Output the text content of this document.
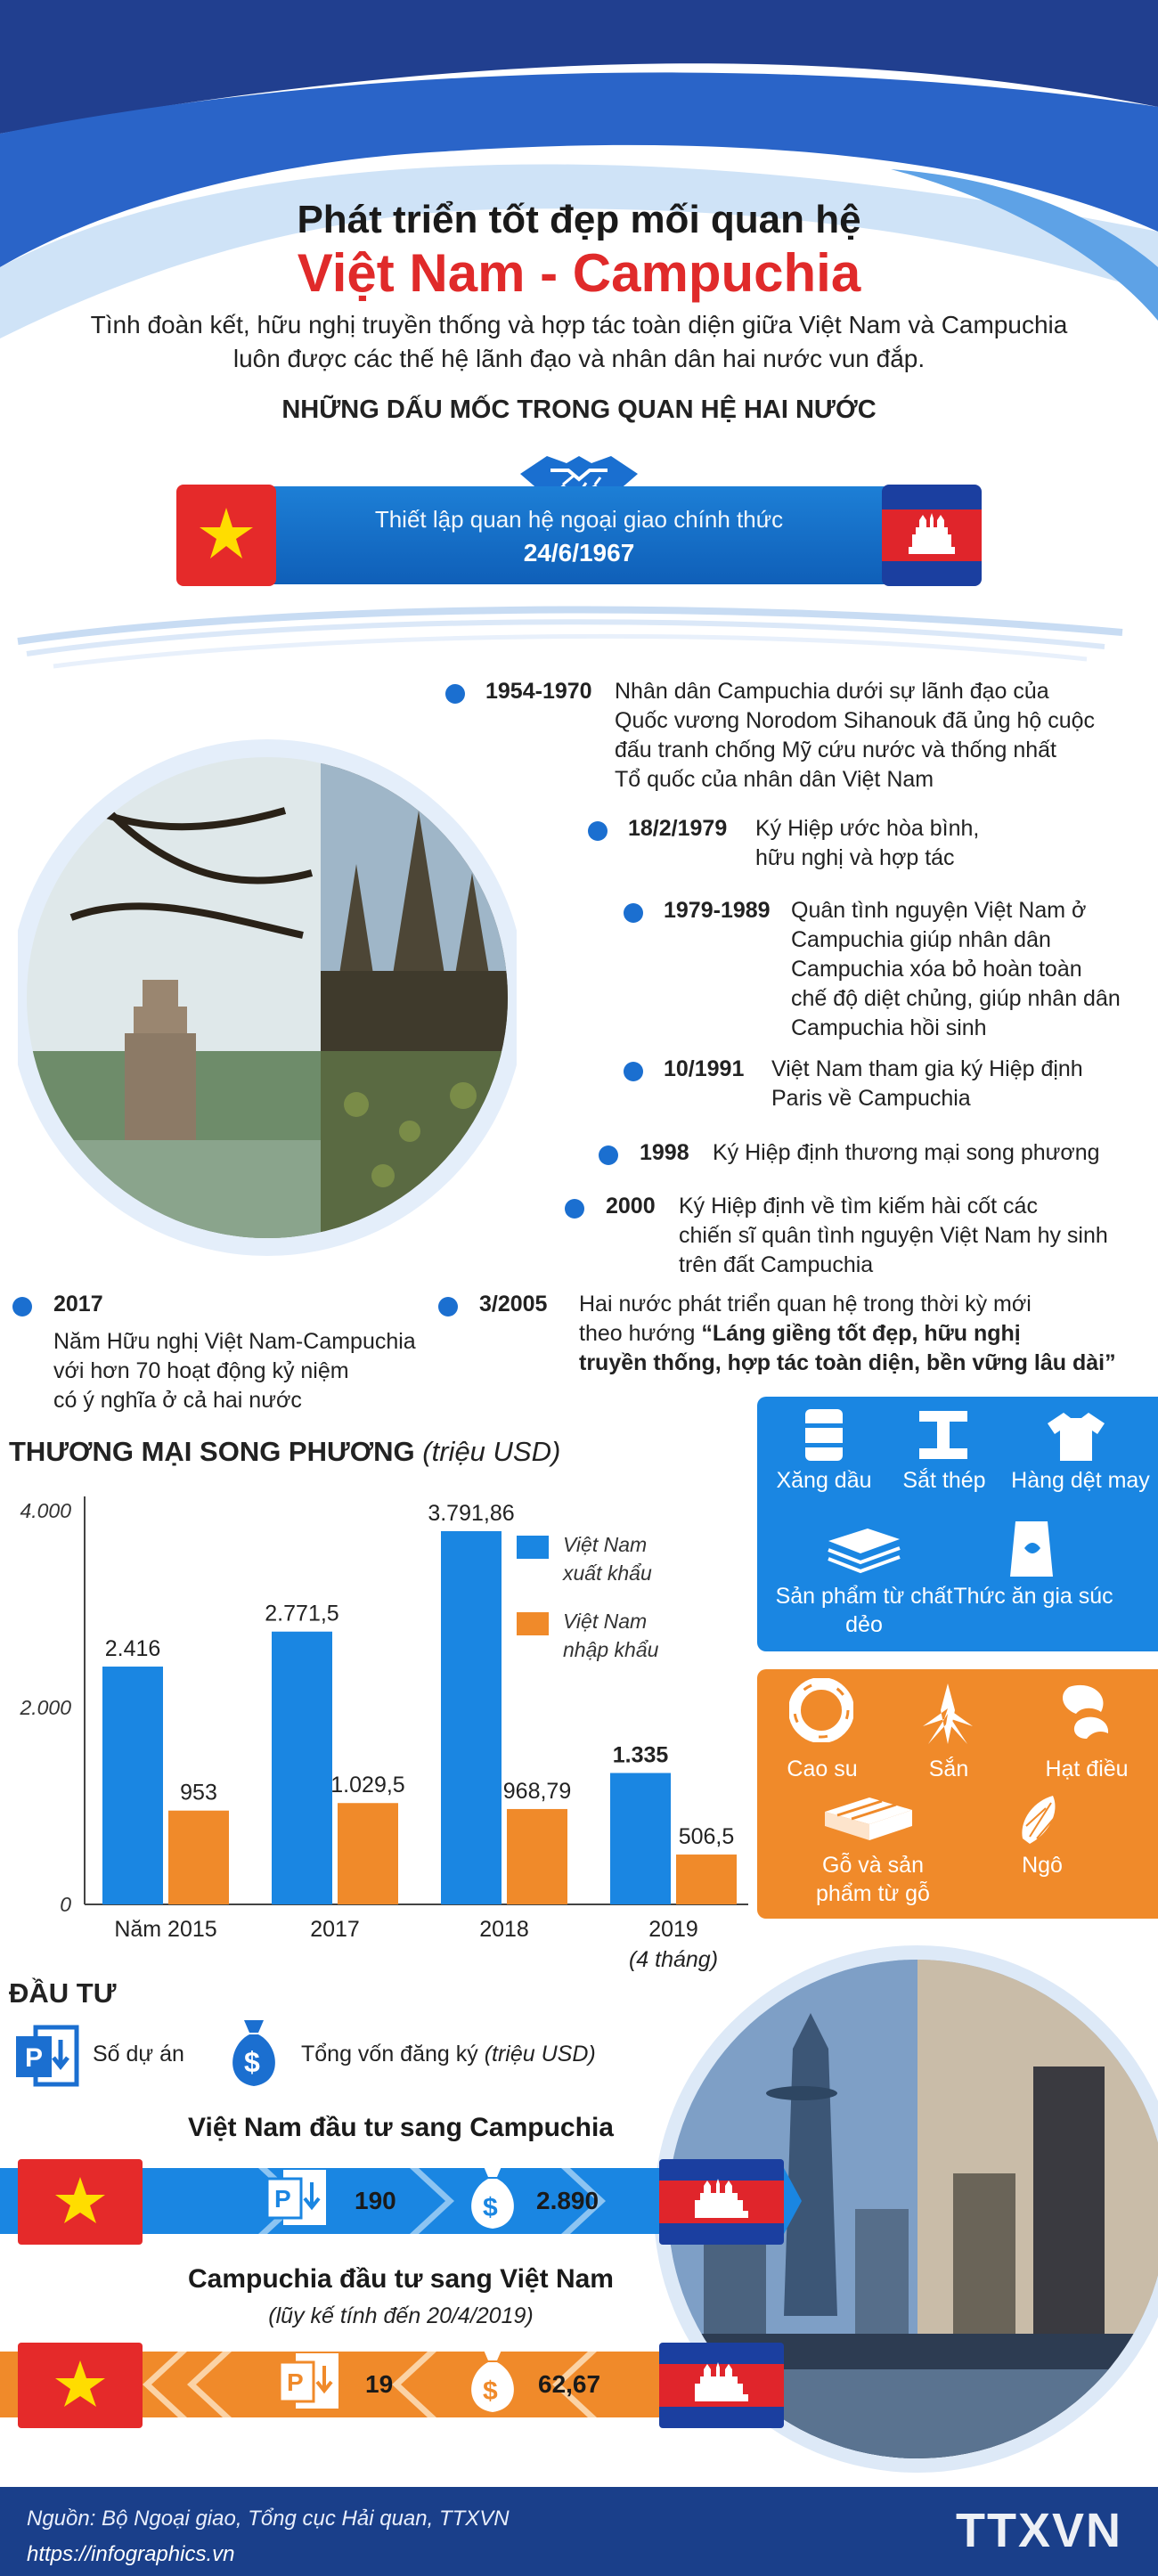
Phát triển tốt đẹp mối quan hệ
Việt Nam - Campuchia
Tình đoàn kết, hữu nghị truyền thống và hợp tác toàn diện giữa Việt Nam và Campuchia
luôn được các thế hệ lãnh đạo và nhân dân hai nước vun đắp.
NHỮNG DẤU MỐC TRONG QUAN HỆ HAI NƯỚC
Thiết lập quan hệ ngoại giao chính thức
24/6/1967
1954-1970	Nhân dân Campuchia dưới sự lãnh đạo của
Quốc vương Norodom Sihanouk đã ủng hộ cuộc
đấu tranh chống Mỹ cứu nước và thống nhất
Tổ quốc của nhân dân Việt Nam
18/2/1979	Ký Hiệp ước hòa bình,
hữu nghị và hợp tác
1979-1989 Quân tình nguyện Việt Nam ở
Campuchia giúp nhân dân
Campuchia xóa bỏ hoàn toàn
chế độ diệt chủng, giúp nhân dân
Campuchia hồi sinh
10/1991	Việt Nam tham gia ký Hiệp định
Paris về Campuchia
1998	Ký Hiệp định thương mại song phương
2000	Ký Hiệp định về tìm kiếm hài cốt các
chiến sĩ quân tình nguyện Việt Nam hy sinh
trên đất Campuchia
3/2005	Hai nước phát triển quan hệ trong thời kỳ mới
theo hướng “Láng giềng tốt đẹp, hữu nghị
truyền thống, hợp tác toàn diện, bền vững lâu dài”
2017
Năm Hữu nghị Việt Nam-Campuchia
với hơn 70 hoạt động kỷ niệm
có ý nghĩa ở cả hai nước
THƯƠNG MẠI SONG PHƯƠNG (triệu USD)
0
2.000
4.000
2.416
2.771,5
3.791,86
1.335
953	1.029,5	968,79
506,5
Năm 2015	2017	2018	2019
(4 tháng)
Việt Nam
xuất khẩu
Việt Nam
nhập khẩu
Xăng dầu	Sắt thép	Hàng dệt may
Sản phẩm từ chất dẻo
Thức ăn gia súc
Cao su	Sắn	Hạt điều
Gỗ và sản phẩm từ gỗ
Ngô
ĐẦU TƯ
P Số dự án $ Tổng vốn đăng ký (triệu USD)
Việt Nam đầu tư sang Campuchia
P	190	$ 2.890
Campuchia đầu tư sang Việt Nam
(lũy kế tính đến 20/4/2019)
P 19	$ 62,67
Nguồn: Bộ Ngoại giao, Tổng cục Hải quan, TTXVN
https://infographics.vn	TTXVN
